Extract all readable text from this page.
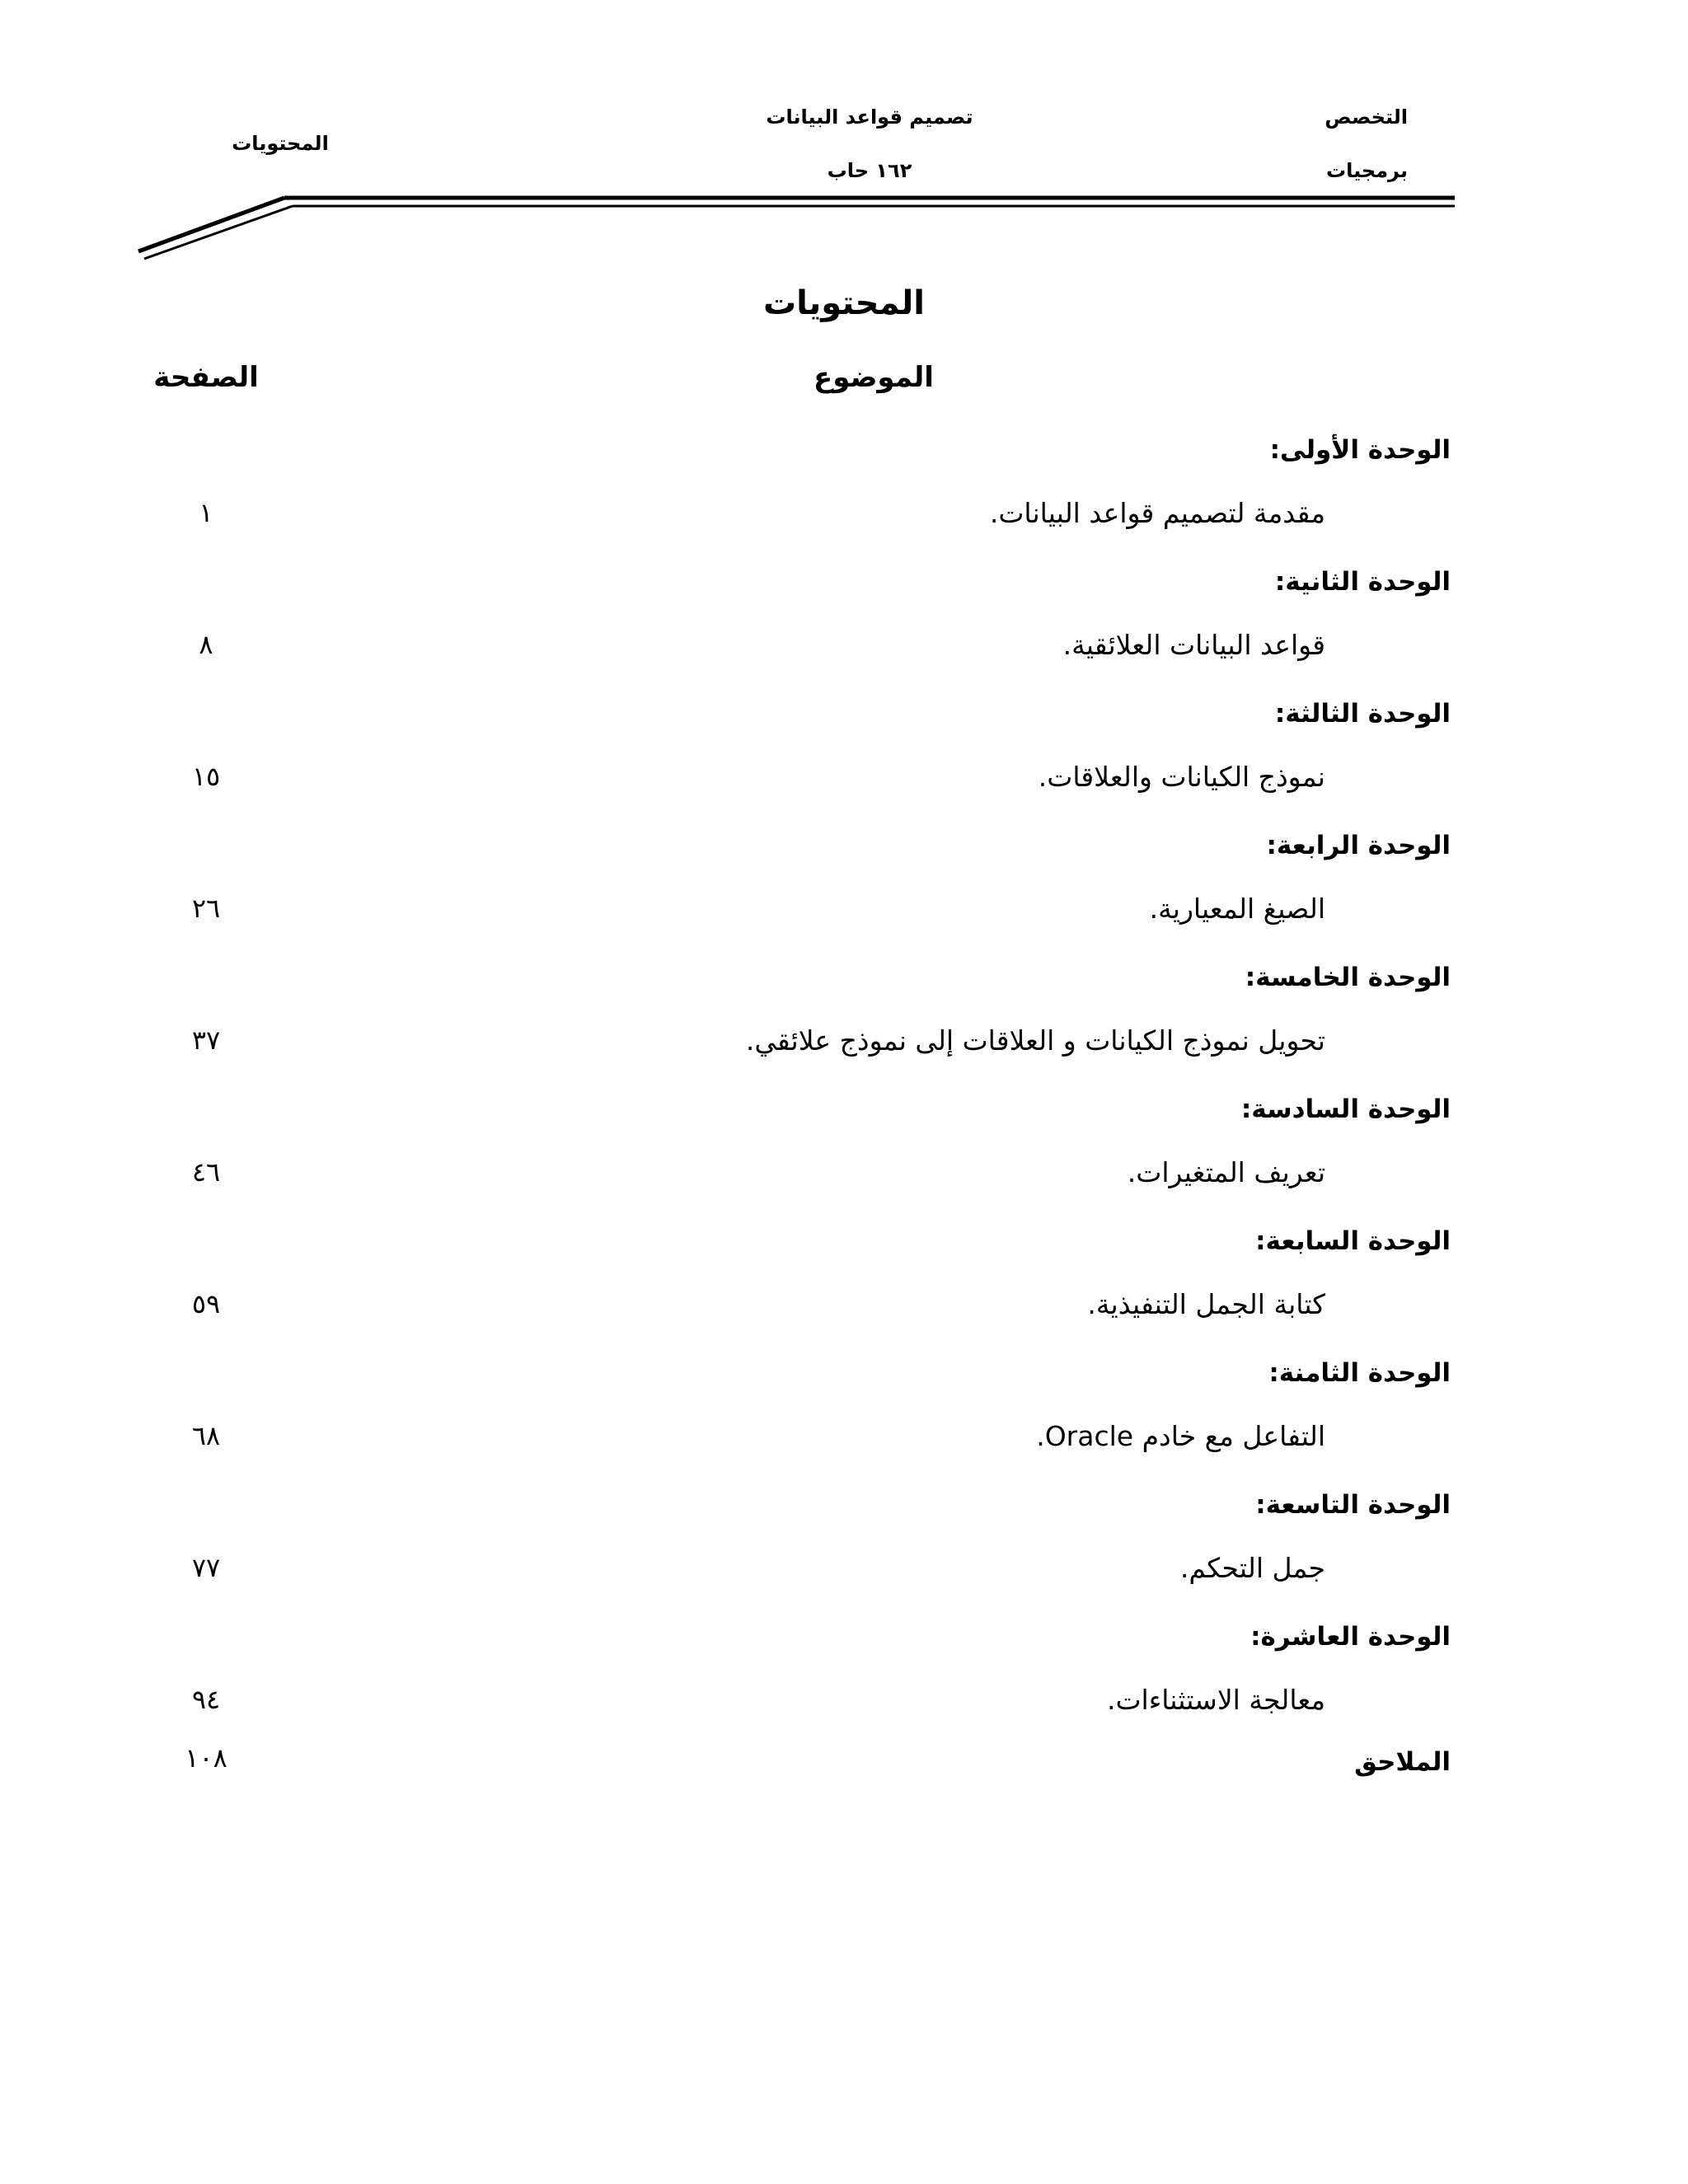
التخصص
برمجيات
تصميم قواعد البيانات
١٦٢ حاب
المحتويات
المحتويات
الموضوع
الصفحة
الوحدة الأولى:
مقدمة لتصميم قواعد البيانات.
١
الوحدة الثانية:
قواعد البيانات العلائقية.
٨
الوحدة الثالثة:
نموذج الكيانات والعلاقات.
١٥
الوحدة الرابعة:
الصيغ المعيارية.
٢٦
الوحدة الخامسة:
تحويل نموذج الكيانات و العلاقات إلى نموذج علائقي.
٣٧
الوحدة السادسة:
تعريف المتغيرات.
٤٦
الوحدة السابعة:
كتابة الجمل التنفيذية.
٥٩
الوحدة الثامنة:
التفاعل مع خادم Oracle.
٦٨
الوحدة التاسعة:
جمل التحكم.
٧٧
الوحدة العاشرة:
معالجة الاستثناءات.
٩٤
الملاحق
١٠٨
